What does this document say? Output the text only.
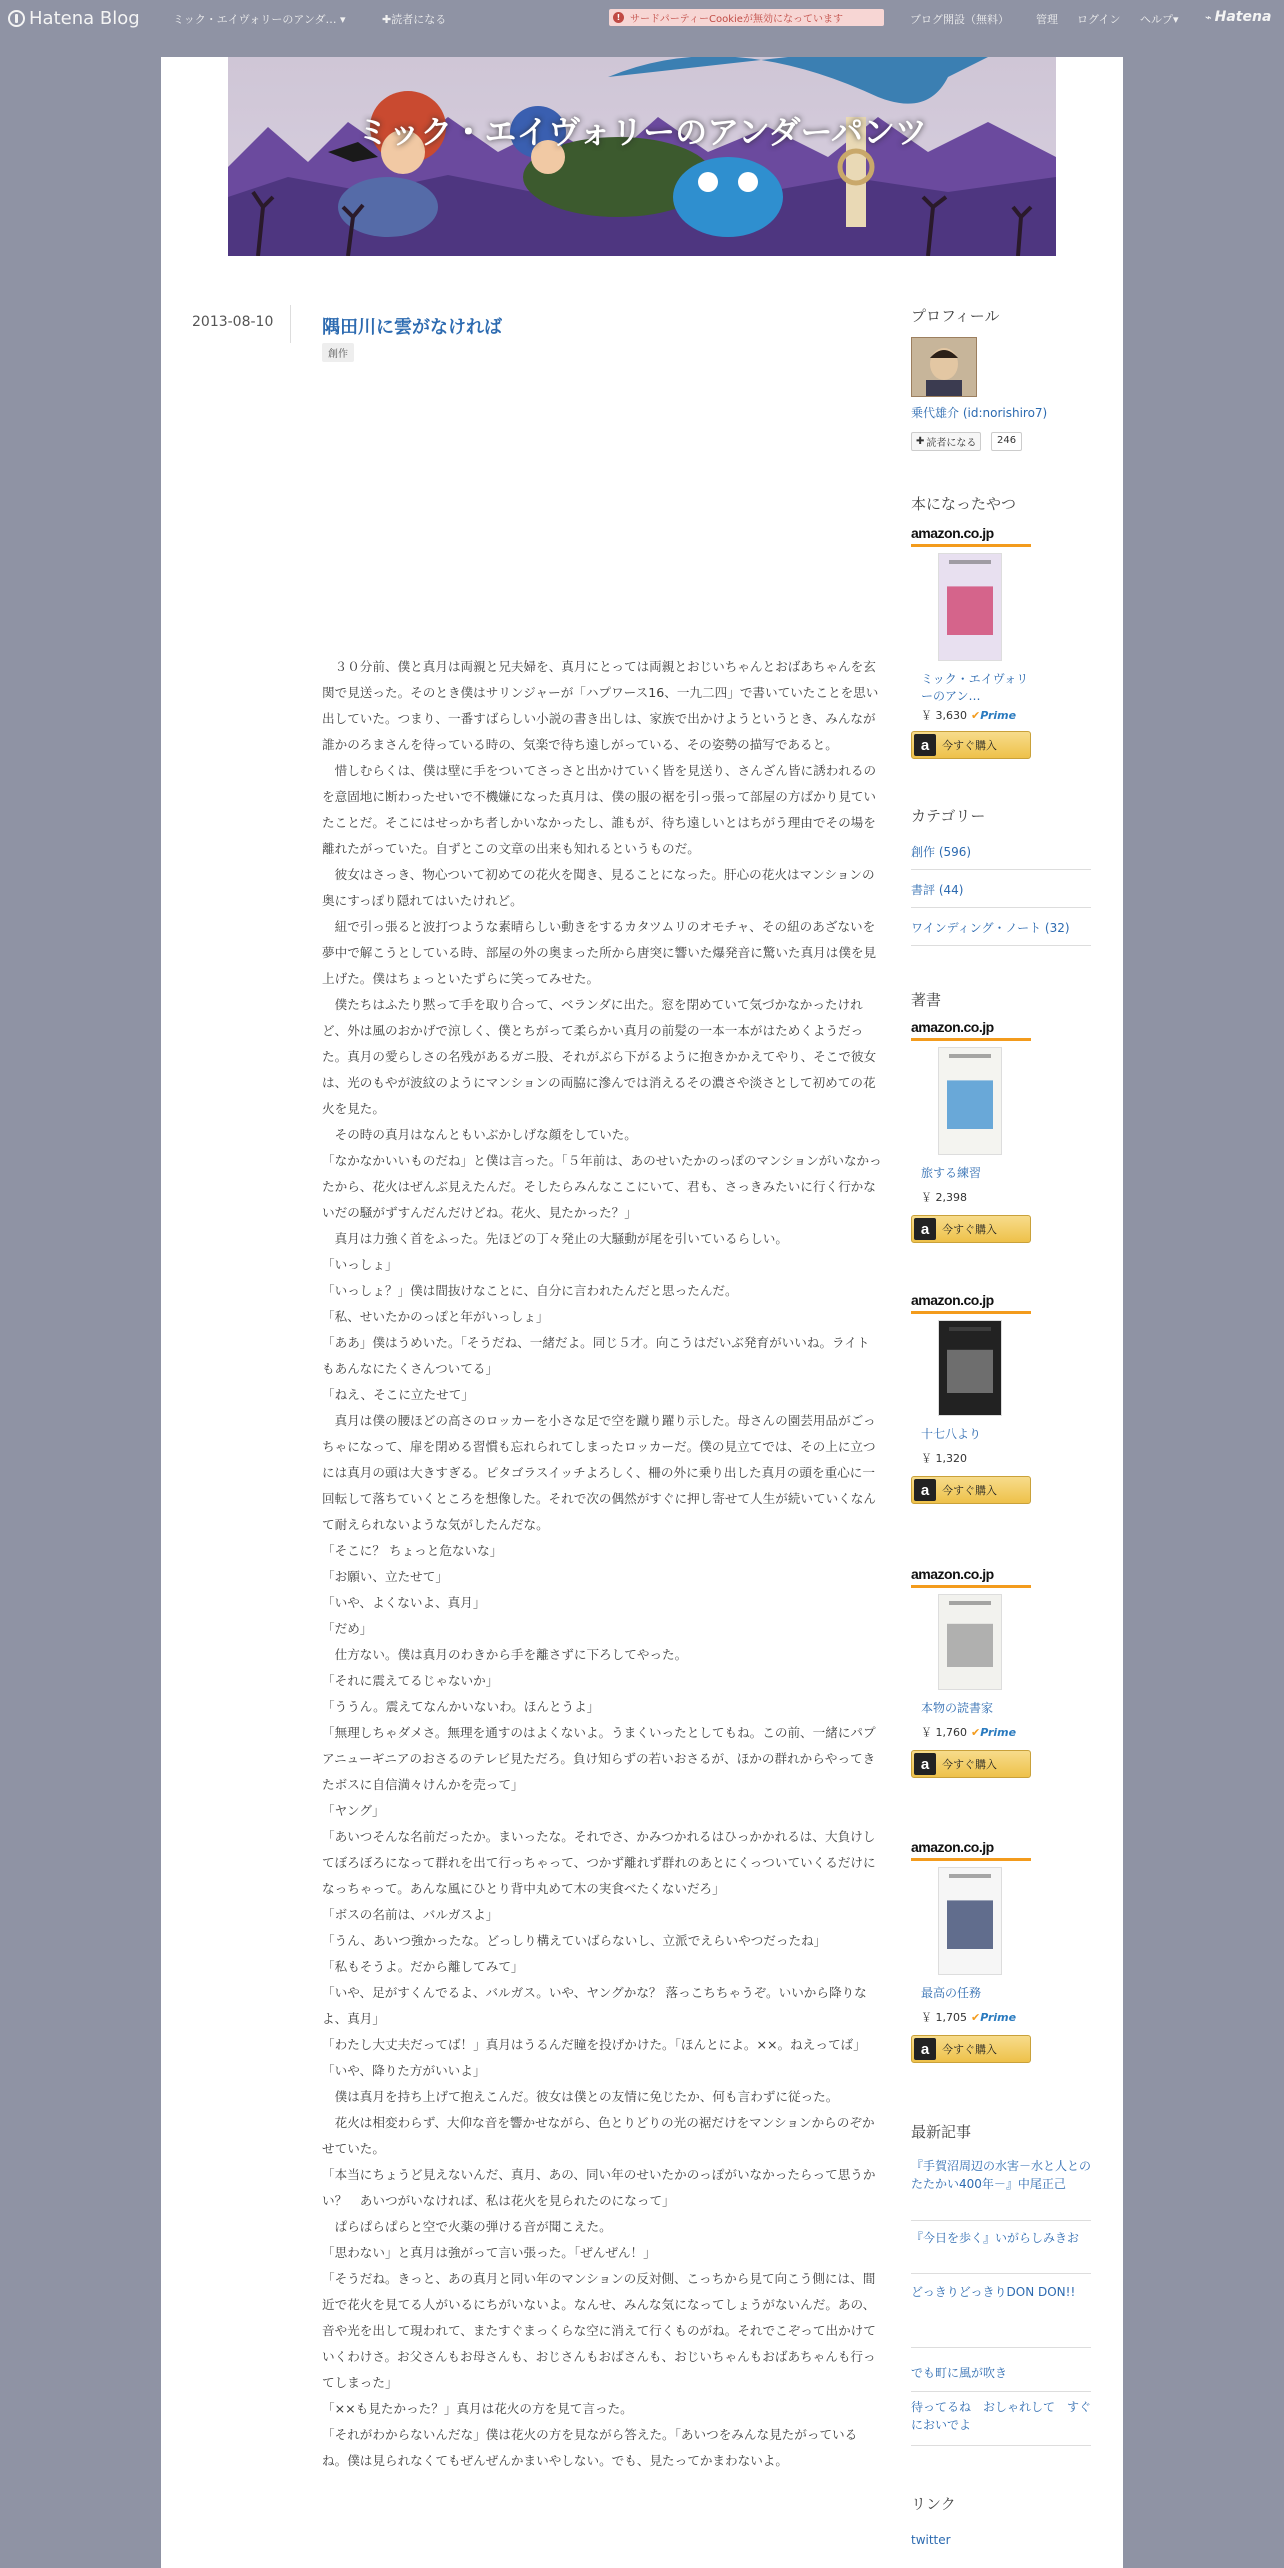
Hatena Blog	ミック・エイヴォリーのアンダ… ▾	✚読者になる	! サードパーティーCookieが無効になっています	ブログ開設（無料） 管理 ログイン ヘルプ▾ ⌁ Hatena
ミック・エイヴォリーのアンダーパンツ
2013-08-10	隅田川に雲がなければ
創作

　３０分前、僕と真月は両親と兄夫婦を、真月にとっては両親とおじいちゃんとおばあちゃんを玄関で見送った。そのとき僕はサリンジャーが「ハプワース16、一九二四」で書いていたことを思い出していた。つまり、一番すばらしい小説の書き出しは、家族で出かけようというとき、みんなが誰かのろまさんを待っている時の、気楽で待ち遠しがっている、その姿勢の描写であると。

　惜しむらくは、僕は壁に手をついてさっさと出かけていく皆を見送り、さんざん皆に誘われるのを意固地に断わったせいで不機嫌になった真月は、僕の服の裾を引っ張って部屋の方ばかり見ていたことだ。そこにはせっかち者しかいなかったし、誰もが、待ち遠しいとはちがう理由でその場を離れたがっていた。自ずとこの文章の出来も知れるというものだ。

　彼女はさっき、物心ついて初めての花火を聞き、見ることになった。肝心の花火はマンションの奥にすっぽり隠れてはいたけれど。

　紐で引っ張ると波打つような素晴らしい動きをするカタツムリのオモチャ、その紐のあざないを夢中で解こうとしている時、部屋の外の奥まった所から唐突に響いた爆発音に驚いた真月は僕を見上げた。僕はちょっといたずらに笑ってみせた。

　僕たちはふたり黙って手を取り合って、ベランダに出た。窓を閉めていて気づかなかったけれど、外は風のおかげで涼しく、僕とちがって柔らかい真月の前髪の一本一本がはためくようだった。真月の愛らしさの名残があるガニ股、それがぶら下がるように抱きかかえてやり、そこで彼女は、光のもやが波紋のようにマンションの両脇に滲んでは消えるその濃さや淡さとして初めての花火を見た。

　その時の真月はなんともいぶかしげな顔をしていた。

「なかなかいいものだね」と僕は言った。「５年前は、あのせいたかのっぽのマンションがいなかったから、花火はぜんぶ見えたんだ。そしたらみんなここにいて、君も、さっきみたいに行く行かないだの騒がずすんだんだけどね。花火、見たかった？」

　真月は力強く首をふった。先ほどの丁々発止の大騒動が尾を引いているらしい。

「いっしょ」

「いっしょ？」僕は間抜けなことに、自分に言われたんだと思ったんだ。

「私、せいたかのっぽと年がいっしょ」

「ああ」僕はうめいた。「そうだね、一緒だよ。同じ５才。向こうはだいぶ発育がいいね。ライトもあんなにたくさんついてる」

「ねえ、そこに立たせて」

　真月は僕の腰ほどの高さのロッカーを小さな足で空を蹴り躍り示した。母さんの園芸用品がごっちゃになって、扉を閉める習慣も忘れられてしまったロッカーだ。僕の見立てでは、その上に立つには真月の頭は大きすぎる。ピタゴラスイッチよろしく、柵の外に乗り出した真月の頭を重心に一回転して落ちていくところを想像した。それで次の偶然がすぐに押し寄せて人生が続いていくなんて耐えられないような気がしたんだな。

「そこに？ ちょっと危ないな」

「お願い、立たせて」

「いや、よくないよ、真月」

「だめ」

　仕方ない。僕は真月のわきから手を離さずに下ろしてやった。

「それに震えてるじゃないか」

「ううん。震えてなんかいないわ。ほんとうよ」

「無理しちゃダメさ。無理を通すのはよくないよ。うまくいったとしてもね。この前、一緒にパプアニューギニアのおさるのテレビ見ただろ。負け知らずの若いおさるが、ほかの群れからやってきたボスに自信満々けんかを売って」

「ヤング」

「あいつそんな名前だったか。まいったな。それでさ、かみつかれるはひっかかれるは、大負けしてぼろぼろになって群れを出て行っちゃって、つかず離れず群れのあとにくっついていくるだけになっちゃって。あんな風にひとり背中丸めて木の実食べたくないだろ」

「ボスの名前は、バルガスよ」

「うん、あいつ強かったな。どっしり構えていばらないし、立派でえらいやつだったね」

「私もそうよ。だから離してみて」

「いや、足がすくんでるよ、バルガス。いや、ヤングかな？ 落っこちちゃうぞ。いいから降りなよ、真月」

「わたし大丈夫だってば！」真月はうるんだ瞳を投げかけた。「ほんとによ。××。ねえってば」

「いや、降りた方がいいよ」

　僕は真月を持ち上げて抱えこんだ。彼女は僕との友情に免じたか、何も言わずに従った。

　花火は相変わらず、大仰な音を響かせながら、色とりどりの光の裾だけをマンションからのぞかせていた。

「本当にちょうど見えないんだ、真月、あの、同い年のせいたかのっぽがいなかったらって思うかい？　あいつがいなければ、私は花火を見られたのになって」

　ぱらぱらぱらと空で火薬の弾ける音が聞こえた。

「思わない」と真月は強がって言い張った。「ぜんぜん！」

「そうだね。きっと、あの真月と同い年のマンションの反対側、こっちから見て向こう側には、間近で花火を見てる人がいるにちがいないよ。なんせ、みんな気になってしょうがないんだ。あの、音や光を出して現われて、またすぐまっくらな空に消えて行くものがね。それでこぞって出かけていくわけさ。お父さんもお母さんも、おじさんもおばさんも、おじいちゃんもおばあちゃんも行ってしまった」

「××も見たかった？」真月は花火の方を見て言った。

「それがわからないんだな」僕は花火の方を見ながら答えた。「あいつをみんな見たがっているね。僕は見られなくてもぜんぜんかまいやしない。でも、見たってかまわないよ。

プロフィール
乗代雄介 (id:norishiro7)
✚ 読者になる	246
本になったやつ
カテゴリー
創作 (596)
書評 (44)
ワインディング・ノート (32)
著書
amazon.co.jp
ミック・エイヴォリーのアン…
￥ 3,630 ✔Prime
a	今すぐ購入
amazon.co.jp
旅する練習
￥ 2,398
a	今すぐ購入
amazon.co.jp
十七八より
￥ 1,320
a	今すぐ購入
amazon.co.jp
本物の読書家
￥ 1,760 ✔Prime
a	今すぐ購入
amazon.co.jp
最高の任務
￥ 1,705 ✔Prime
a	今すぐ購入
最新記事
『手賀沼周辺の水害－水と人とのたたかい400年－』中尾正己
『今日を歩く』いがらしみきお
どっきりどっきりDON DON!!
でも町に風が吹き
待ってるね　おしゃれして　すぐにおいでよ
リンク
twitter
